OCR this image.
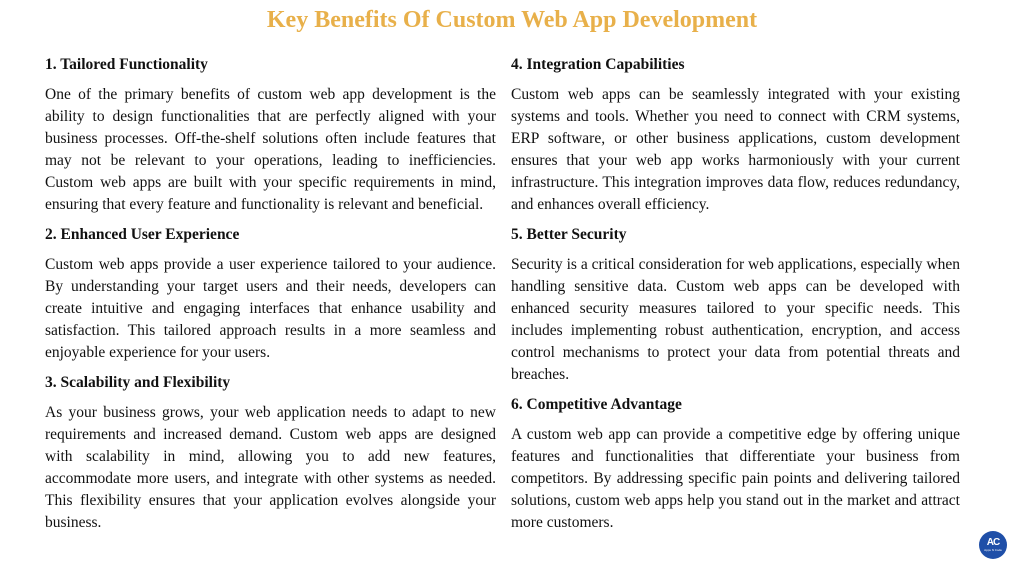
Key Benefits Of Custom Web App Development
1. Tailored Functionality

One of the primary benefits of custom web app development is the ability to design functionalities that are perfectly aligned with your business processes. Off-the-shelf solutions often include features that may not be relevant to your operations, leading to inefficiencies. Custom web apps are built with your specific requirements in mind, ensuring that every feature and functionality is relevant and beneficial.

2. Enhanced User Experience

Custom web apps provide a user experience tailored to your audience. By understanding your target users and their needs, developers can create intuitive and engaging interfaces that enhance usability and satisfaction. This tailored approach results in a more seamless and enjoyable experience for your users.

3. Scalability and Flexibility

As your business grows, your web application needs to adapt to new requirements and increased demand. Custom web apps are designed with scalability in mind, allowing you to add new features, accommodate more users, and integrate with other systems as needed. This flexibility ensures that your application evolves alongside your business.

4. Integration Capabilities

Custom web apps can be seamlessly integrated with your existing systems and tools. Whether you need to connect with CRM systems, ERP software, or other business applications, custom development ensures that your web app works harmoniously with your current infrastructure. This integration improves data flow, reduces redundancy, and enhances overall efficiency.

5. Better Security

Security is a critical consideration for web applications, especially when handling sensitive data. Custom web apps can be developed with enhanced security measures tailored to your specific needs. This includes implementing robust authentication, encryption, and access control mechanisms to protect your data from potential threats and breaches.

6. Competitive Advantage

A custom web app can provide a competitive edge by offering unique features and functionalities that differentiate your business from competitors. By addressing specific pain points and delivering tailored solutions, custom web apps help you stand out in the market and attract more customers.

AC
Apps N Code
